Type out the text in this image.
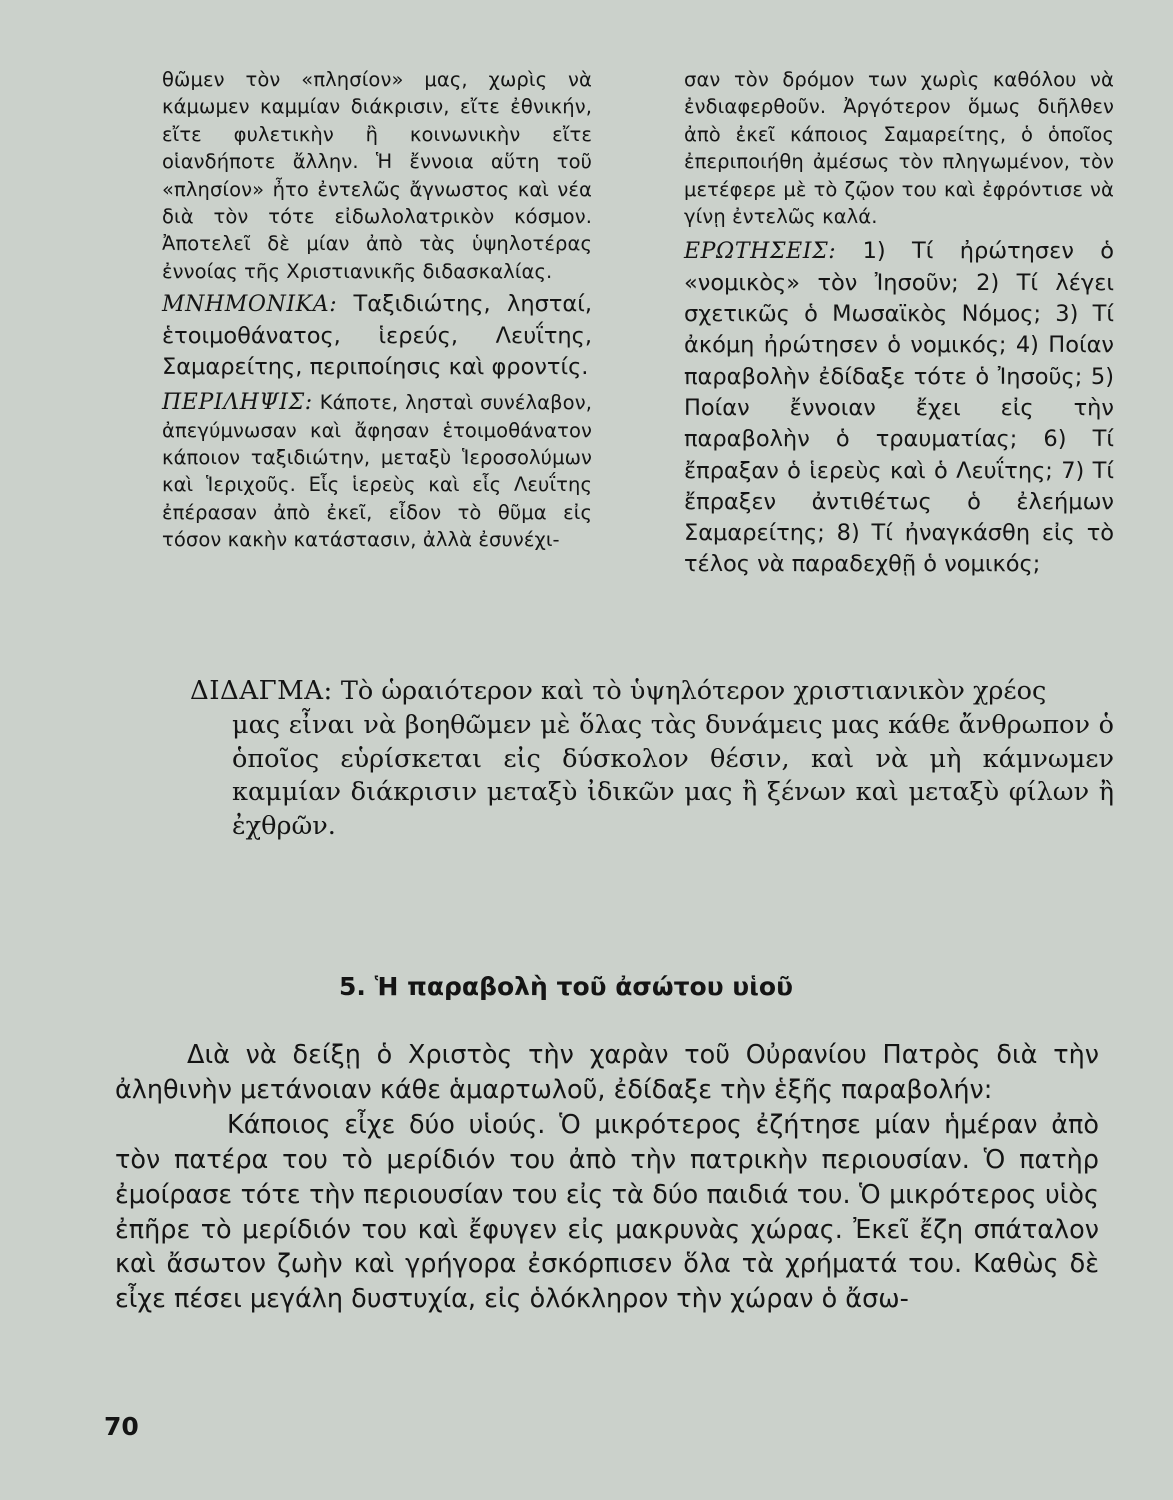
θῶμεν τὸν «πλησίον» μας, χωρὶς νὰ κάμωμεν καμμίαν διάκρισιν, εἴτε ἐθνικήν, εἴτε φυλετικὴν ἢ κοινωνικὴν εἴτε οἱανδήποτε ἄλλην. Ἡ ἔννοια αὕτη τοῦ «πλησίον» ἦτο ἐντελῶς ἄγνωστος καὶ νέα διὰ τὸν τότε εἰδωλολατρικὸν κόσμον. Ἀποτελεῖ δὲ μίαν ἀπὸ τὰς ὑψηλοτέρας ἐννοίας τῆς Χριστιανικῆς διδασκαλίας.

ΜΝΗΜΟΝΙΚΑ: Ταξιδιώτης, λησταί, ἑτοιμοθάνατος, ἱερεύς, Λευΐτης, Σαμαρείτης, περιποίησις καὶ φροντίς.

ΠΕΡΙΛΗΨΙΣ: Κάποτε, λησταὶ συνέλαβον, ἀπεγύμνωσαν καὶ ἄφησαν ἑτοιμοθάνατον κάποιον ταξιδιώτην, μεταξὺ Ἱεροσολύμων καὶ Ἱεριχοῦς. Εἷς ἱερεὺς καὶ εἷς Λευΐτης ἐπέρασαν ἀπὸ ἐκεῖ, εἶδον τὸ θῦμα εἰς τόσον κακὴν κατάστασιν, ἀλλὰ ἐσυνέχι-

σαν τὸν δρόμον των χωρὶς καθόλου νὰ ἐνδιαφερθοῦν. Ἀργότερον ὅμως διῆλθεν ἀπὸ ἐκεῖ κάποιος Σαμαρείτης, ὁ ὁποῖος ἐπεριποιήθη ἀμέσως τὸν πληγωμένον, τὸν μετέφερε μὲ τὸ ζῷον του καὶ ἐφρόντισε νὰ γίνῃ ἐντελῶς καλά.

ΕΡΩΤΗΣΕΙΣ: 1) Τί ἠρώτησεν ὁ «νομικὸς» τὸν Ἰησοῦν; 2) Τί λέγει σχετικῶς ὁ Μωσαϊκὸς Νόμος; 3) Τί ἀκόμη ἠρώτησεν ὁ νομικός; 4) Ποίαν παραβολὴν ἐδίδαξε τότε ὁ Ἰησοῦς; 5) Ποίαν ἔννοιαν ἔχει εἰς τὴν παραβολὴν ὁ τραυματίας; 6) Τί ἔπραξαν ὁ ἱερεὺς καὶ ὁ Λευΐτης; 7) Τί ἔπραξεν ἀντιθέτως ὁ ἐλεήμων Σαμαρείτης; 8) Τί ἠναγκάσθη εἰς τὸ τέλος νὰ παραδεχθῇ ὁ νομικός;

ΔΙΔΑΓΜΑ: Τὸ ὡραιότερον καὶ τὸ ὑψηλότερον χριστιανικὸν χρέος
μας εἶναι νὰ βοηθῶμεν μὲ ὅλας τὰς δυνάμεις μας κάθε ἄνθρωπον ὁ ὁποῖος εὑρίσκεται εἰς δύσκολον θέσιν, καὶ νὰ μὴ κάμνωμεν καμμίαν διάκρισιν μεταξὺ ἰδικῶν μας ἢ ξένων καὶ μεταξὺ φίλων ἢ ἐχθρῶν.

5. Ἡ παραβολὴ τοῦ ἀσώτου υἱοῦ

Διὰ νὰ δείξῃ ὁ Χριστὸς τὴν χαρὰν τοῦ Οὐρανίου Πατρὸς διὰ τὴν ἀληθινὴν μετάνοιαν κάθε ἁμαρτωλοῦ, ἐδίδαξε τὴν ἑξῆς παραβολήν:

Κάποιος εἶχε δύο υἱούς. Ὁ μικρότερος ἐζήτησε μίαν ἡμέραν ἀπὸ τὸν πατέρα του τὸ μερίδιόν του ἀπὸ τὴν πατρικὴν περιουσίαν. Ὁ πατὴρ ἐμοίρασε τότε τὴν περιουσίαν του εἰς τὰ δύο παιδιά του. Ὁ μικρότερος υἱὸς ἐπῆρε τὸ μερίδιόν του καὶ ἔφυγεν εἰς μακρυνὰς χώρας. Ἐκεῖ ἔζη σπάταλον καὶ ἄσωτον ζωὴν καὶ γρήγορα ἐσκόρπισεν ὅλα τὰ χρήματά του. Καθὼς δὲ εἶχε πέσει μεγάλη δυστυχία, εἰς ὁλόκληρον τὴν χώραν ὁ ἄσω-

70
